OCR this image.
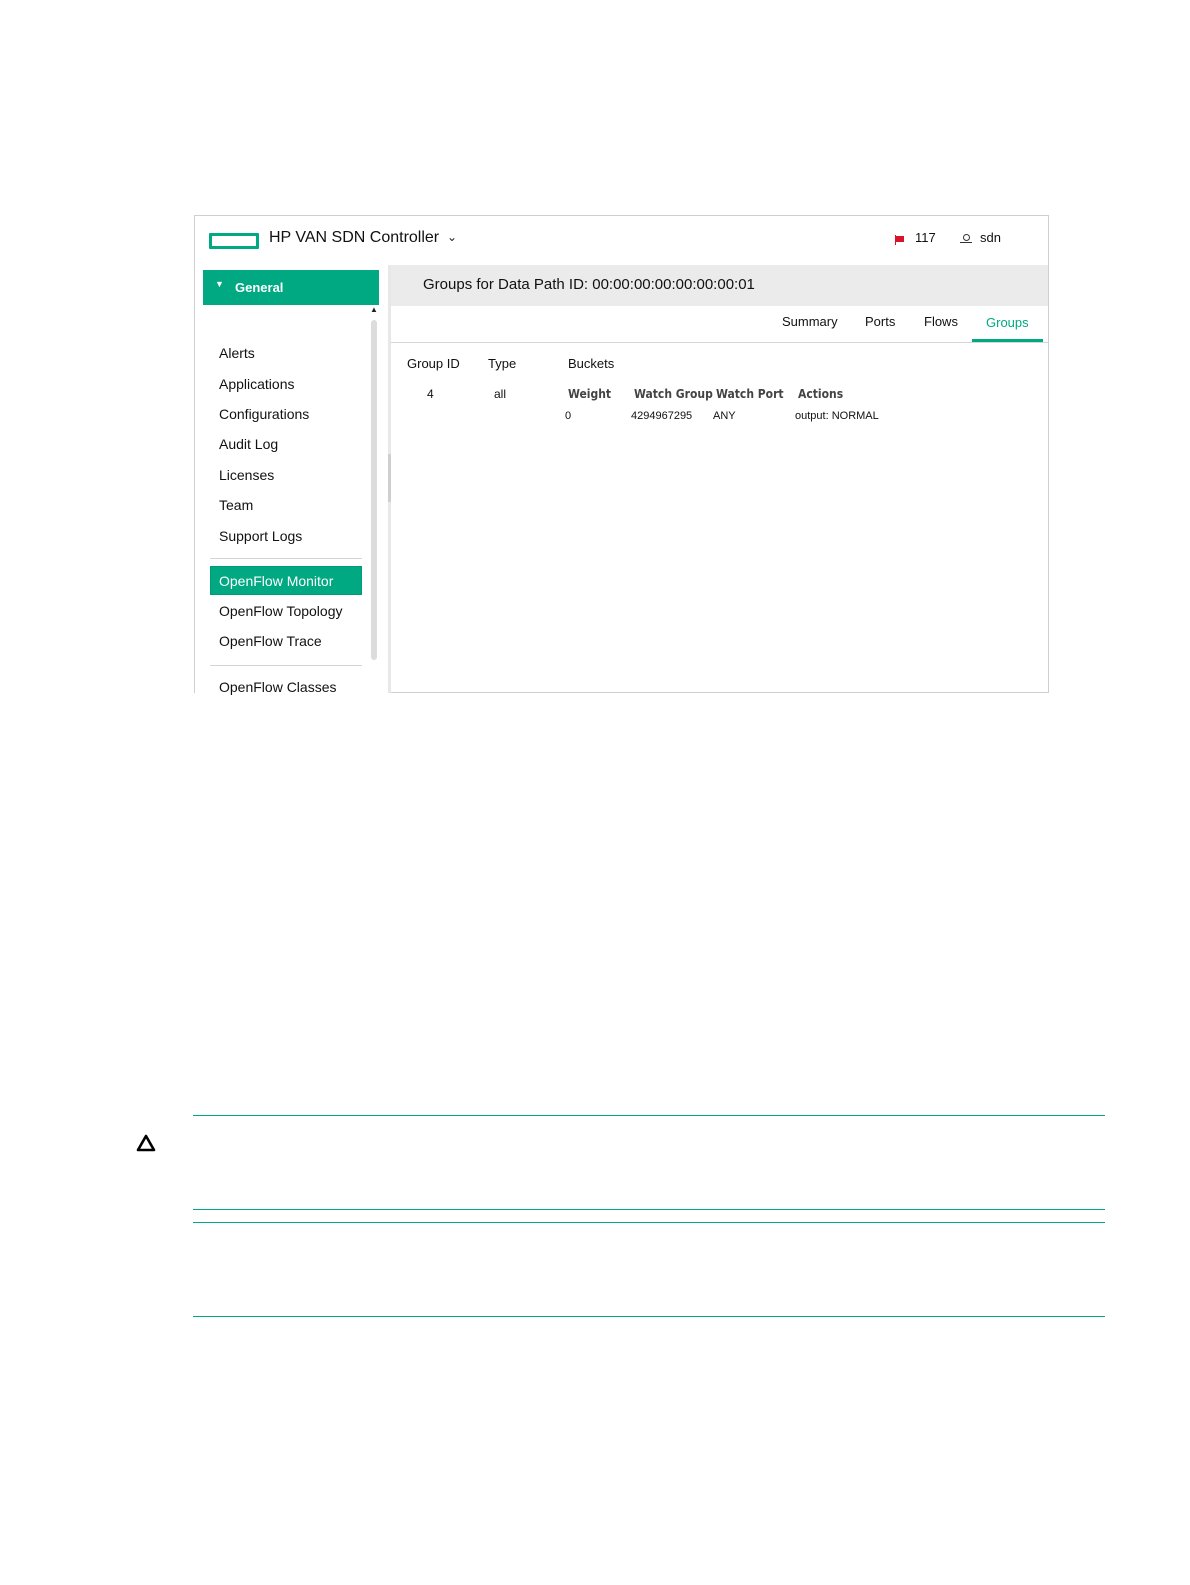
HP VAN SDN Controller ⌄	117	sdn
▼ General
Alerts
Applications
Configurations
Audit Log
Licenses
Team
Support Logs
OpenFlow Monitor
OpenFlow Topology
OpenFlow Trace
OpenFlow Classes
▲
Groups for Data Path ID: 00:00:00:00:00:00:00:01
Summary Ports Flows Groups
Group ID Type	Buckets
4	all	Weight Watch Group Watch Port Actions
0	4294967295 ANY	output: NORMAL
